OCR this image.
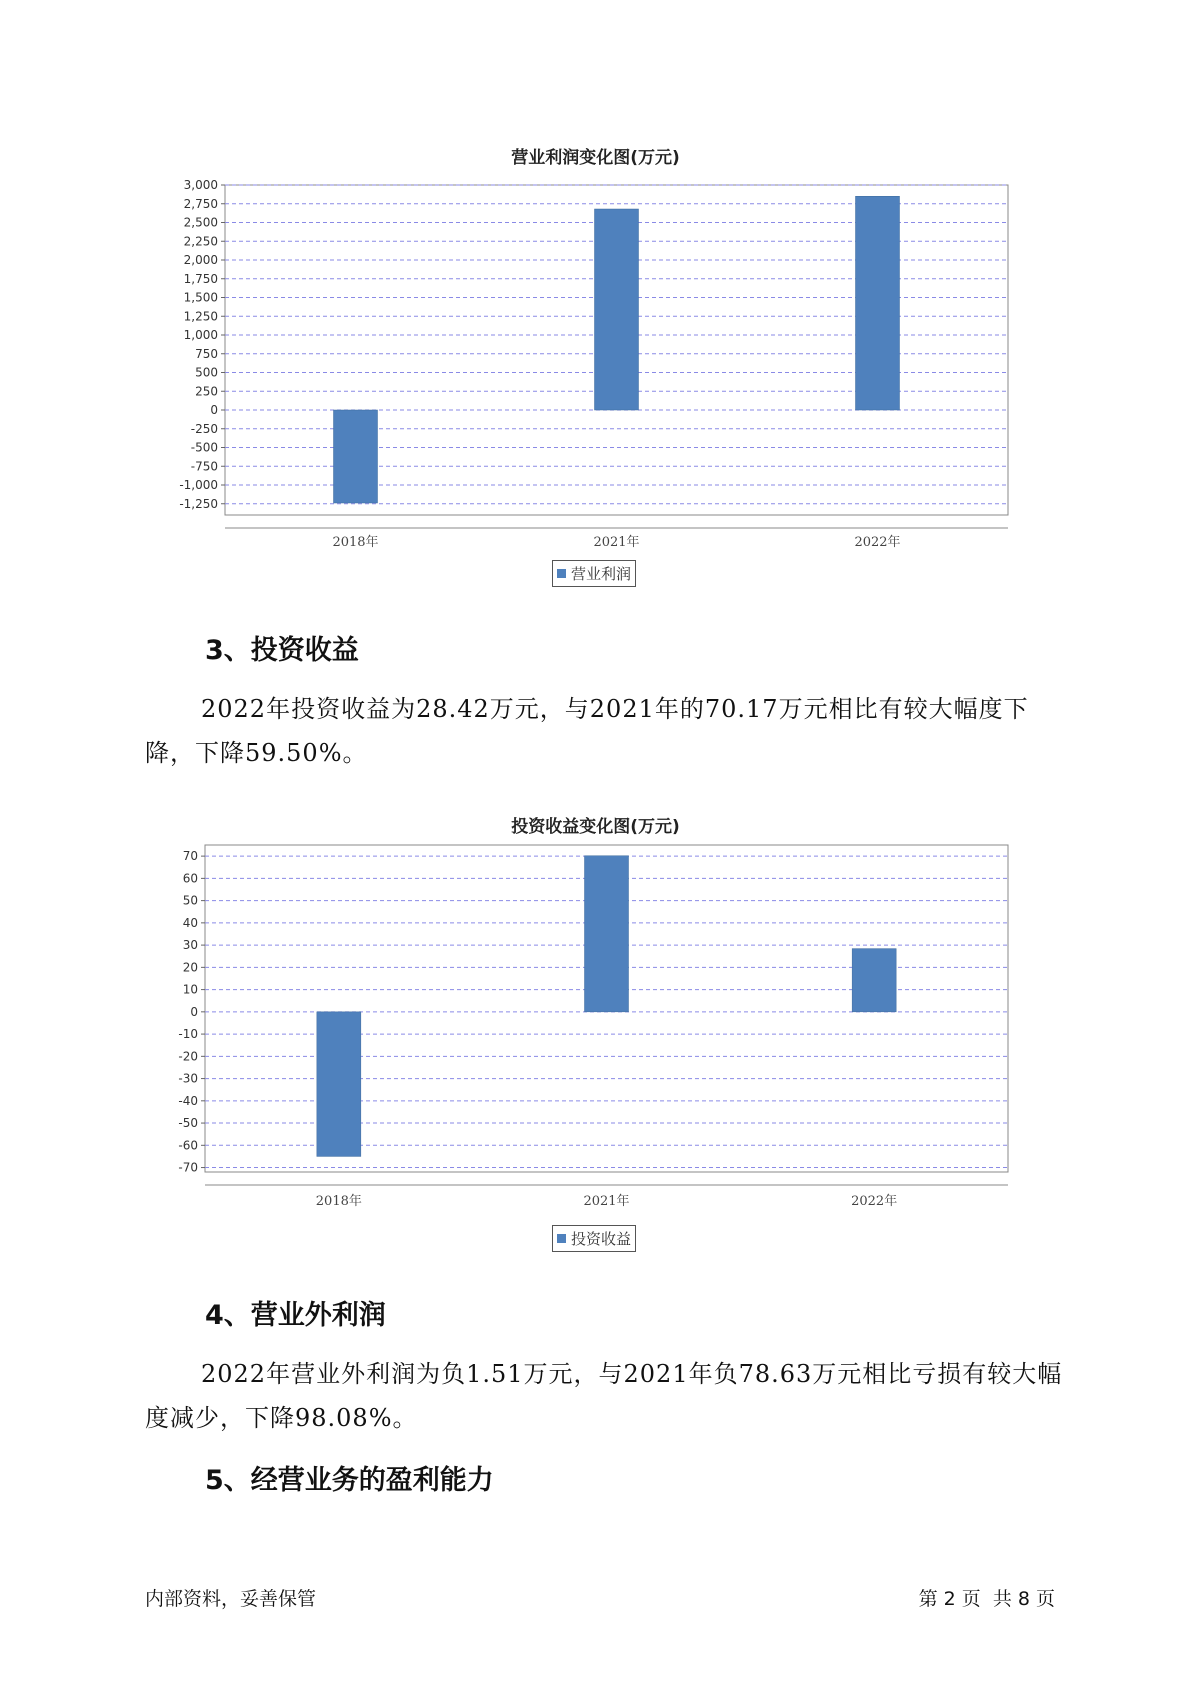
营业利润变化图(万元)
3,000
2,750
2,500
2,250
2,000
1,750
1,500
1,250
1,000
750
500
250
0
-250
-500
-750
-1,000
-1,250
2018年	2021年	2022年
营业利润
3、投资收益
2022年投资收益为28.42万元，与2021年的70.17万元相比有较大幅度下降，下降59.50%。
投资收益变化图(万元)
70
60
50
40
30
20
10
0
-10
-20
-30
-40
-50
-60
-70
2018年	2021年	2022年
投资收益
4、营业外利润
2022年营业外利润为负1.51万元，与2021年负78.63万元相比亏损有较大幅度减少，下降98.08%。
5、经营业务的盈利能力
内部资料，妥善保管	第 2 页  共 8 页
